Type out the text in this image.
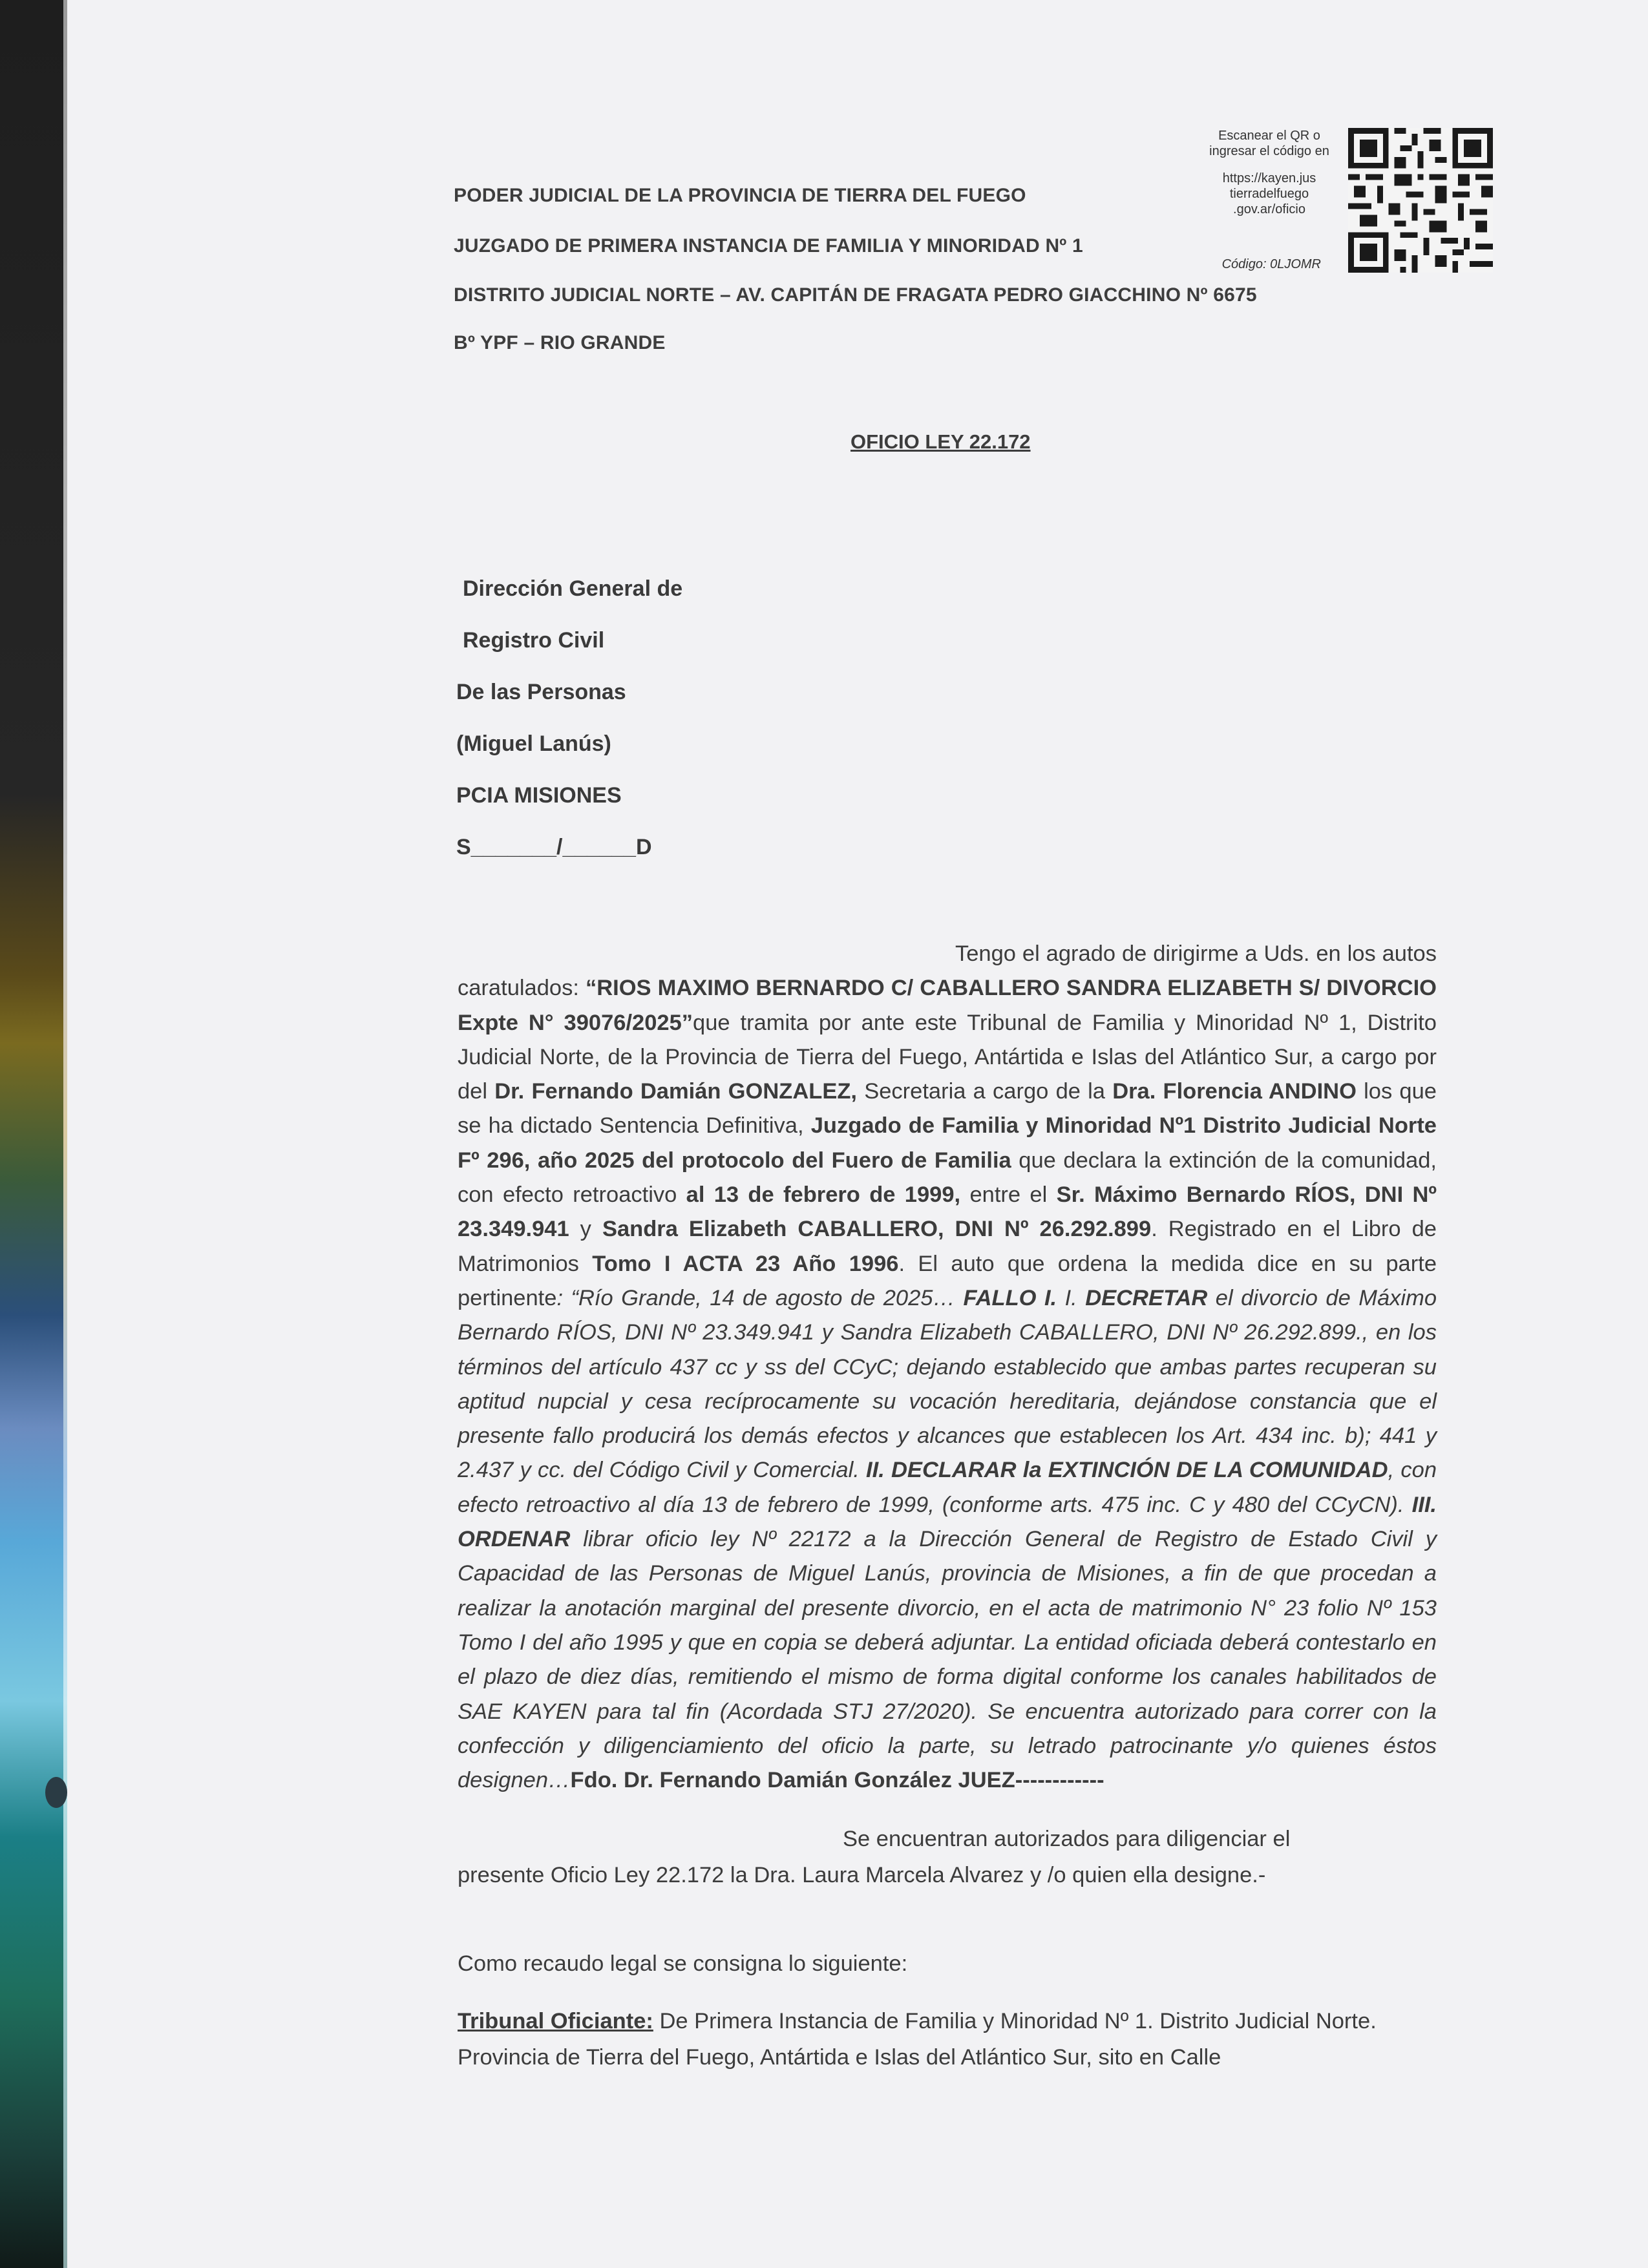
PODER JUDICIAL DE LA PROVINCIA DE TIERRA DEL FUEGO
JUZGADO DE PRIMERA INSTANCIA DE FAMILIA Y MINORIDAD Nº 1
DISTRITO JUDICIAL NORTE – AV. CAPITÁN DE FRAGATA PEDRO GIACCHINO Nº 6675
Bº YPF – RIO GRANDE
Escanear el QR o ingresar el código en
https://kayen.jus tierradelfuego .gov.ar/oficio
Código: 0LJOMR
OFICIO LEY 22.172
Dirección General de
Registro Civil
De las Personas
(Miguel Lanús)
PCIA MISIONES
S_______/______D

Tengo el agrado de dirigirme a Uds. en los autos caratulados: “RIOS MAXIMO BERNARDO C/ CABALLERO SANDRA ELIZABETH S/ DIVORCIO Expte N° 39076/2025”que tramita por ante este Tribunal de Familia y Minoridad Nº 1, Distrito Judicial Norte, de la Provincia de Tierra del Fuego, Antártida e Islas del Atlántico Sur, a cargo por del Dr. Fernando Damián GONZALEZ, Secretaria a cargo de la Dra. Florencia ANDINO los que se ha dictado Sentencia Definitiva, Juzgado de Familia y Minoridad Nº1 Distrito Judicial Norte Fº 296, año 2025 del protocolo del Fuero de Familia que declara la extinción de la comunidad, con efecto retroactivo al 13 de febrero de 1999, entre el Sr. Máximo Bernardo RÍOS, DNI Nº 23.349.941 y Sandra Elizabeth CABALLERO, DNI Nº 26.292.899. Registrado en el Libro de Matrimonios Tomo I ACTA 23 Año 1996. El auto que ordena la medida dice en su parte pertinente: “Río Grande, 14 de agosto de 2025… FALLO I. I. DECRETAR el divorcio de Máximo Bernardo RÍOS, DNI Nº 23.349.941 y Sandra Elizabeth CABALLERO, DNI Nº 26.292.899., en los términos del artículo 437 cc y ss del CCyC; dejando establecido que ambas partes recuperan su aptitud nupcial y cesa recíprocamente su vocación hereditaria, dejándose constancia que el presente fallo producirá los demás efectos y alcances que establecen los Art. 434 inc. b); 441 y 2.437 y cc. del Código Civil y Comercial. II. DECLARAR la EXTINCIÓN DE LA COMUNIDAD, con efecto retroactivo al día 13 de febrero de 1999, (conforme arts. 475 inc. C y 480 del CCyCN). III. ORDENAR librar oficio ley Nº 22172 a la Dirección General de Registro de Estado Civil y Capacidad de las Personas de Miguel Lanús, provincia de Misiones, a fin de que procedan a realizar la anotación marginal del presente divorcio, en el acta de matrimonio N° 23 folio Nº 153 Tomo I del año 1995 y que en copia se deberá adjuntar. La entidad oficiada deberá contestarlo en el plazo de diez días, remitiendo el mismo de forma digital conforme los canales habilitados de SAE KAYEN para tal fin (Acordada STJ 27/2020). Se encuentra autorizado para correr con la confección y diligenciamiento del oficio la parte, su letrado patrocinante y/o quienes éstos designen…Fdo. Dr. Fernando Damián González JUEZ------------

Se encuentran autorizados para diligenciar el
presente Oficio Ley 22.172 la Dra. Laura Marcela Alvarez y /o quien ella designe.-
Como recaudo legal se consigna lo siguiente:
Tribunal Oficiante: De Primera Instancia de Familia y Minoridad Nº 1. Distrito Judicial Norte. Provincia de Tierra del Fuego, Antártida e Islas del Atlántico Sur, sito en Calle
